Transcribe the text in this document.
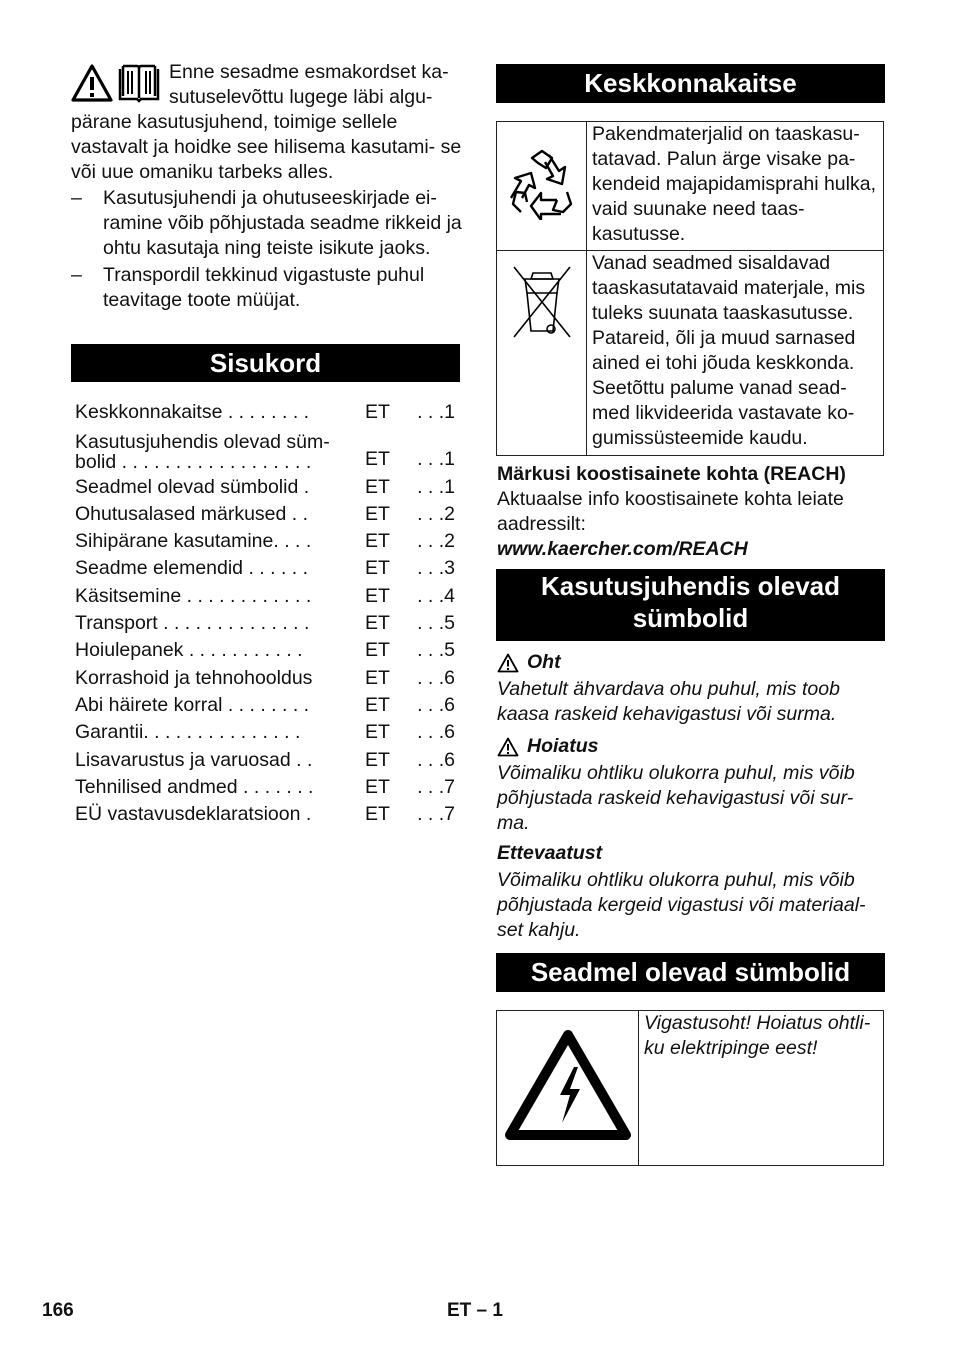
Enne sesadme esmakordset ka- sutuselevõttu lugege läbi algu- pärane kasutusjuhend, toimige sellele vastavalt ja hoidke see hilisema kasutami- se või uue omaniku tarbeks alles.

– Kasutusjuhendi ja ohutuseeskirjade ei- ramine võib põhjustada seadme rikkeid ja ohtu kasutaja ning teiste isikute jaoks.
– Transpordil tekkinud vigastuste puhul teavitage toote müüjat.
Sisukord
Keskkonnakaitse . . . . . . . .	ET	. . .1
Kasutusjuhendis olevad süm- bolid . . . . . . . . . . . . . . . . . .	ET	. . .1
Seadmel olevad sümbolid .	ET	. . .1
Ohutusalased märkused . .	ET	. . .2
Sihipärane kasutamine. . . .	ET	. . .2
Seadme elemendid . . . . . .	ET	. . .3
Käsitsemine . . . . . . . . . . . .	ET	. . .4
Transport . . . . . . . . . . . . . .	ET	. . .5
Hoiulepanek . . . . . . . . . . .	ET	. . .5
Korrashoid ja tehnohooldus	ET	. . .6
Abi häirete korral . . . . . . . .	ET	. . .6
Garantii. . . . . . . . . . . . . . .	ET	. . .6
Lisavarustus ja varuosad . .	ET	. . .6
Tehnilised andmed . . . . . . .	ET	. . .7
EÜ vastavusdeklaratsioon .	ET	. . .7
Keskkonnakaitse

Pakendmaterjalid on taaskasu- tatavad. Palun ärge visake pa- kendeid majapidamisprahi hulka, vaid suunake need taas- kasutusse.

Vanad seadmed sisaldavad taaskasutatavaid materjale, mis tuleks suunata taaskasutusse. Patareid, õli ja muud sarnased ained ei tohi jõuda keskkonda. Seetõttu palume vanad sead- med likvideerida vastavate ko- gumissüsteemide kaudu.
Märkusi koostisainete kohta (REACH)
Aktuaalse info koostisainete kohta leiate aadressilt:
www.kaercher.com/REACH
Kasutusjuhendis olevad
sümbolid
Oht
Vahetult ähvardava ohu puhul, mis toob kaasa raskeid kehavigastusi või surma.
Hoiatus
Võimaliku ohtliku olukorra puhul, mis võib põhjustada raskeid kehavigastusi või sur- ma.
Ettevaatust
Võimaliku ohtliku olukorra puhul, mis võib põhjustada kergeid vigastusi või materiaal- set kahju.
Seadmel olevad sümbolid

Vigastusoht! Hoiatus ohtli- ku elektripinge eest!
166	ET – 1
